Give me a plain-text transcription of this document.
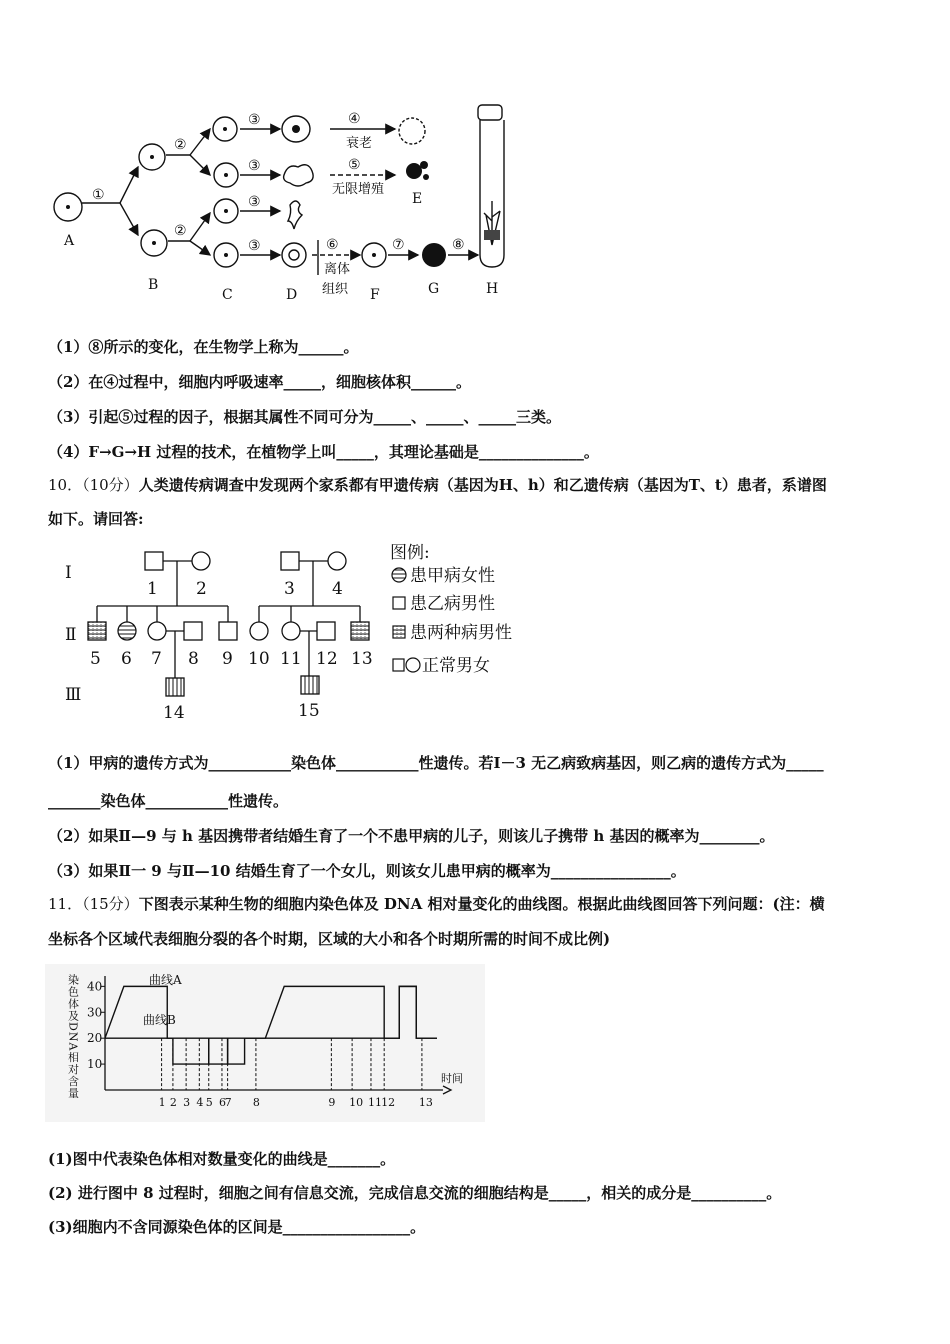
①
②
②
③
③
③
③
④
⑤
⑥	⑦	⑧
衰老
无限增殖
离体
组织
A
B
C	D
E
F	G	H
（1）⑧所示的变化，在生物学上称为______。
（2）在④过程中，细胞内呼吸速率_____，细胞核体积______。
（3）引起⑤过程的因子，根据其属性不同可分为_____、_____、_____三类。
（4）F→G→H 过程的技术，在植物学上叫_____，其理论基础是______________。
10．（10分）人类遗传病调查中发现两个家系都有甲遗传病（基因为H、h）和乙遗传病（基因为T、t）患者，系谱图
如下。请回答:
Ⅰ
Ⅱ
Ⅲ
1 2	3 4
5 6 7 8 9 10 11 12 13
14	15
图例:
患甲病女性
患乙病男性
患两种病男性
正常男女
（1）甲病的遗传方式为___________染色体___________性遗传。若Ⅰ－3 无乙病致病基因，则乙病的遗传方式为_____
_______染色体___________性遗传。
（2）如果Ⅱ—9 与 h 基因携带者结婚生育了一个不患甲病的儿子，则该儿子携带 h 基因的概率为________。
（3）如果Ⅱ一 9 与Ⅱ—10 结婚生育了一个女儿，则该女儿患甲病的概率为________________。
11．（15分）下图表示某种生物的细胞内染色体及 DNA 相对量变化的曲线图。根据此曲线图回答下列问题：(注：横
坐标各个区域代表细胞分裂的各个时期，区域的大小和各个时期所需的时间不成比例)
染色体及DNA相对含量 10
20
30
40
1 2 3 4 5 6
7 8	9 10 11 12 13
时间
曲线A
曲线B
(1)图中代表染色体相对数量变化的曲线是_______。
(2) 进行图中 8 过程时，细胞之间有信息交流，完成信息交流的细胞结构是_____，相关的成分是__________。
(3)细胞内不含同源染色体的区间是_________________。
